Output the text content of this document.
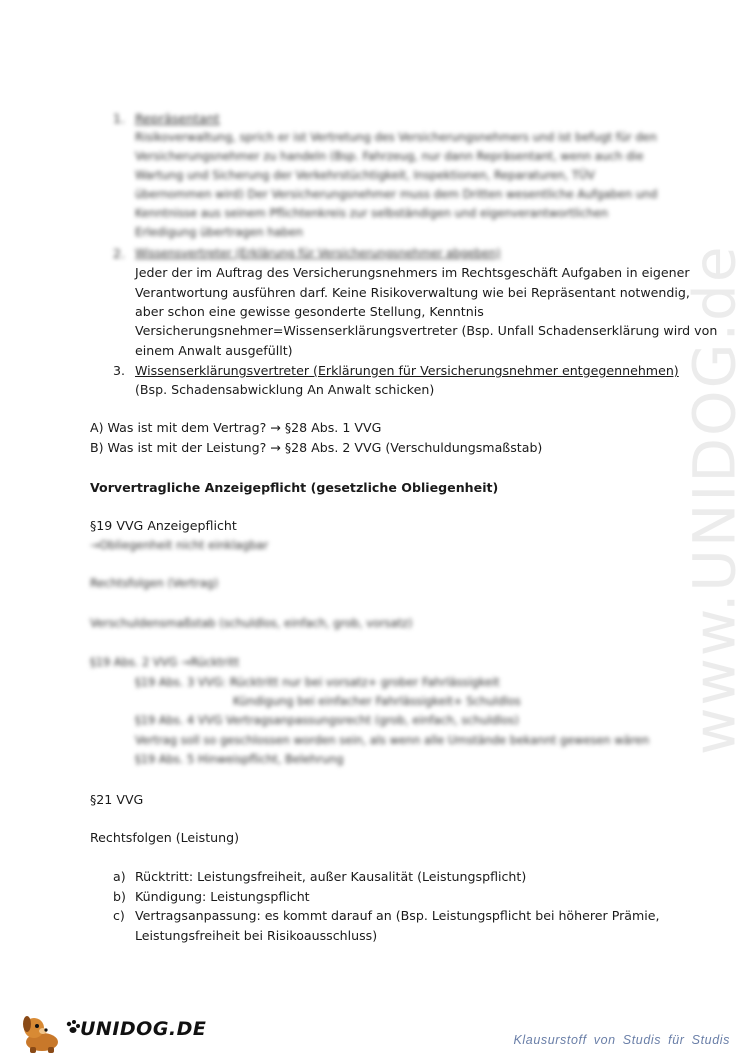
www.UNIDOG.de
1. Repräsentant
Risikoverwaltung, sprich er ist Vertretung des Versicherungsnehmers und ist befugt für den
Versicherungsnehmer zu handeln (Bsp. Fahrzeug, nur dann Repräsentant, wenn auch die
Wartung und Sicherung der Verkehrstüchtigkeit, Inspektionen, Reparaturen, TÜV
übernommen wird) Der Versicherungsnehmer muss dem Dritten wesentliche Aufgaben und
Kenntnisse aus seinem Pflichtenkreis zur selbständigen und eigenverantwortlichen
Erledigung übertragen haben
2. Wissensvertreter (Erklärung für Versicherungsnehmer abgeben)
Jeder der im Auftrag des Versicherungsnehmers im Rechtsgeschäft Aufgaben in eigener
Verantwortung ausführen darf. Keine Risikoverwaltung wie bei Repräsentant notwendig,
aber schon eine gewisse gesonderte Stellung, Kenntnis
Versicherungsnehmer=Wissenserklärungsvertreter (Bsp. Unfall Schadenserklärung wird von
einem Anwalt ausgefüllt)
3. Wissenserklärungsvertreter (Erklärungen für Versicherungsnehmer entgegennehmen)
(Bsp. Schadensabwicklung An Anwalt schicken)
A) Was ist mit dem Vertrag? → §28 Abs. 1 VVG
B) Was ist mit der Leistung? → §28 Abs. 2 VVG (Verschuldungsmaßstab)
Vorvertragliche Anzeigepflicht (gesetzliche Obliegenheit)
§19 VVG Anzeigepflicht
→Obliegenheit nicht einklagbar
Rechtsfolgen (Vertrag)
Verschuldensmaßstab (schuldlos, einfach, grob, vorsatz)
§19 Abs. 2 VVG →Rücktritt
§19 Abs. 3 VVG: Rücktritt nur bei vorsatz+ grober Fahrlässigkeit
Kündigung bei einfacher Fahrlässigkeit+ Schuldlos
§19 Abs. 4 VVG Vertragsanpassungsrecht (grob, einfach, schuldlos)
Vertrag soll so geschlossen worden sein, als wenn alle Umstände bekannt gewesen wären
§19 Abs. 5 Hinweispflicht, Belehrung
§21 VVG
Rechtsfolgen (Leistung)
a) Rücktritt: Leistungsfreiheit, außer Kausalität (Leistungspflicht)
b) Kündigung: Leistungspflicht
c) Vertragsanpassung: es kommt darauf an (Bsp. Leistungspflicht bei höherer Prämie,
Leistungsfreiheit bei Risikoausschluss)
UNIDOG.DE	Klausurstoff von Studis für Studis
